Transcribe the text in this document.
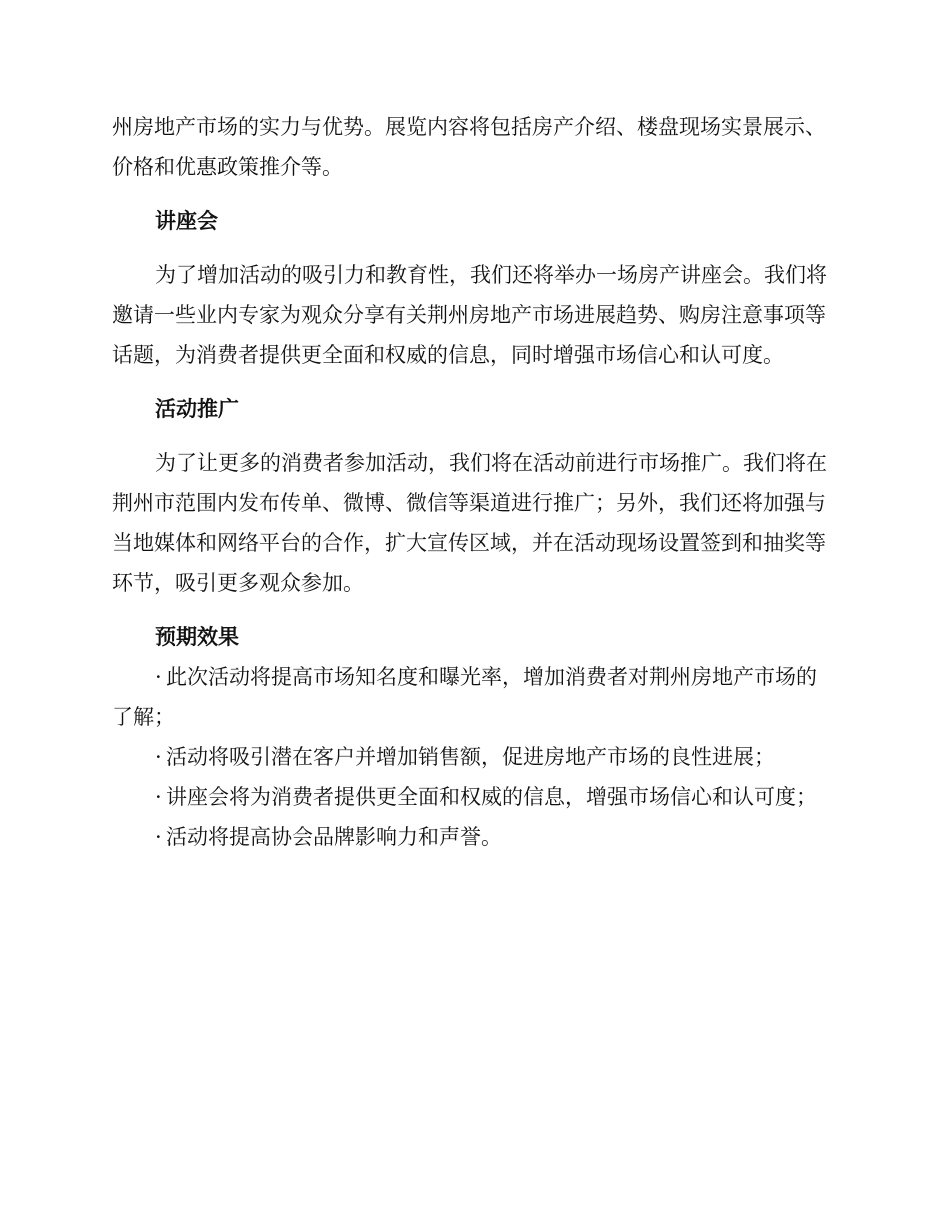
州房地产市场的实力与优势。展览内容将包括房产介绍、楼盘现场实景展示、价格和优惠政策推介等。

讲座会

为了增加活动的吸引力和教育性，我们还将举办一场房产讲座会。我们将邀请一些业内专家为观众分享有关荆州房地产市场进展趋势、购房注意事项等话题，为消费者提供更全面和权威的信息，同时增强市场信心和认可度。

活动推广

为了让更多的消费者参加活动，我们将在活动前进行市场推广。我们将在荆州市范围内发布传单、微博、微信等渠道进行推广；另外，我们还将加强与当地媒体和网络平台的合作，扩大宣传区域，并在活动现场设置签到和抽奖等环节，吸引更多观众参加。

预期效果

· 此次活动将提高市场知名度和曝光率，增加消费者对荆州房地产市场的了解；

· 活动将吸引潜在客户并增加销售额，促进房地产市场的良性进展；

· 讲座会将为消费者提供更全面和权威的信息，增强市场信心和认可度；

· 活动将提高协会品牌影响力和声誉。
